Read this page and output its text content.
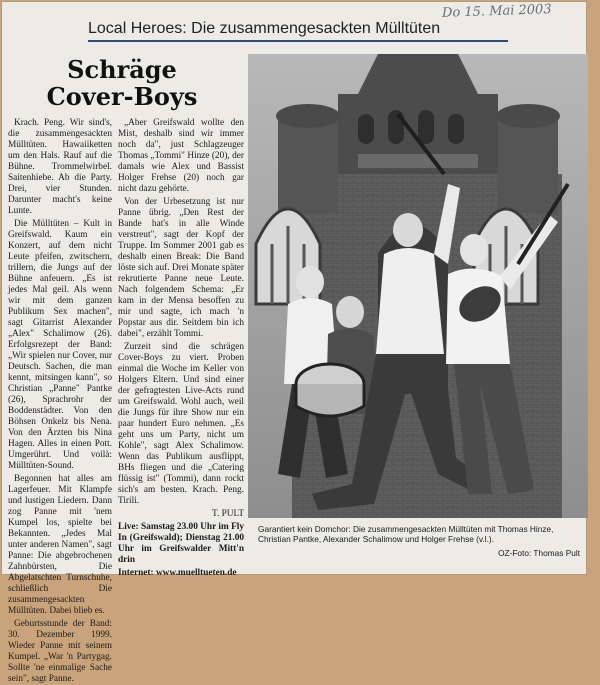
Local Heroes: Die zusammengesackten Mülltüten
Do 15. Mai 2003
Schräge
Cover-Boys

Krach. Peng. Wir sind's, die zusammengesackten Mülltüten. Hawaiiketten um den Hals. Rauf auf die Bühne. Trommelwirbel. Saitenhiebe. Ab die Party. Drei, vier Stunden. Darunter macht's keine Lunte.

Die Mülltüten – Kult in Greifswald. Kaum ein Konzert, auf dem nicht Leute pfeifen, zwitschern, trillern, die Jungs auf der Bühne anfeuern. „Es ist jedes Mal geil. Als wenn wir mit dem ganzen Publikum Sex machen", sagt Gitarrist Alexander „Alex" Schalimow (26). Erfolgsrezept der Band: „Wir spielen nur Cover, nur Deutsch. Sachen, die man kennt, mitsingen kann", so Christian „Panne" Pantke (26), Sprachrohr der Boddenstädter. Von den Böhsen Onkelz bis Nena. Von den Ärzten bis Nina Hagen. Alles in einen Pott. Umgerührt. Und voilà: Mülltüten-Sound.

Begonnen hat alles am Lagerfeuer. Mit Klampfe und lustigen Liedern. Dann zog Panne mit 'nem Kumpel los, spielte bei Bekannten. „Jedes Mal unter anderen Namen", sagt Panne: Die abgebrochenen Zahnbürsten, Die Abgelatschten Turnschuhe, schließlich Die zusammengesackten Mülltüten. Dabei blieb es.

Geburtsstunde der Band: 30. Dezember 1999. Wieder Panne mit seinem Kumpel. „War 'n Partygag. Sollte 'ne einmalige Sache sein", sagt Panne.

„Aber Greifswald wollte den Mist, deshalb sind wir immer noch da", just Schlagzeuger Thomas „Tommi" Hinze (20), der damals wie Alex und Bassist Holger Frehse (20) noch gar nicht dazu gehörte.

Von der Urbesetzung ist nur Panne übrig. „Den Rest der Bande hat's in alle Winde verstreut", sagt der Kopf der Truppe. Im Sommer 2001 gab es deshalb einen Break: Die Band löste sich auf. Drei Monate später rekrutierte Panne neue Leute. Nach folgendem Schema: „Er kam in der Mensa besoffen zu mir und sagte, ich mach 'n Popstar aus dir. Seitdem bin ich dabei", erzählt Tommi.

Zurzeit sind die schrägen Cover-Boys zu viert. Proben einmal die Woche im Keller von Holgers Eltern. Und sind einer der gefragtesten Live-Acts rund um Greifswald. Wohl auch, weil die Jungs für ihre Show nur ein paar hundert Euro nehmen. „Es geht uns um Party, nicht um Kohle", sagt Alex Schalimow. Wenn das Publikum ausflippt, BHs fliegen und die „Catering flüssig ist" (Tommi), dann rockt sich's am besten. Krach. Peng. Tirili.

T. PULT

Live: Samstag 23.00 Uhr im Fly In (Greifswald); Dienstag 21.00 Uhr im Greifswalder Mitt'n drin

Internet: www.muelltueten.de

Garantiert kein Domchor: Die zusammengesackten Mülltüten mit Thomas Hinze, Christian Pantke, Alexander Schalimow und Holger Frehse (v.l.).
OZ-Foto: Thomas Pult
